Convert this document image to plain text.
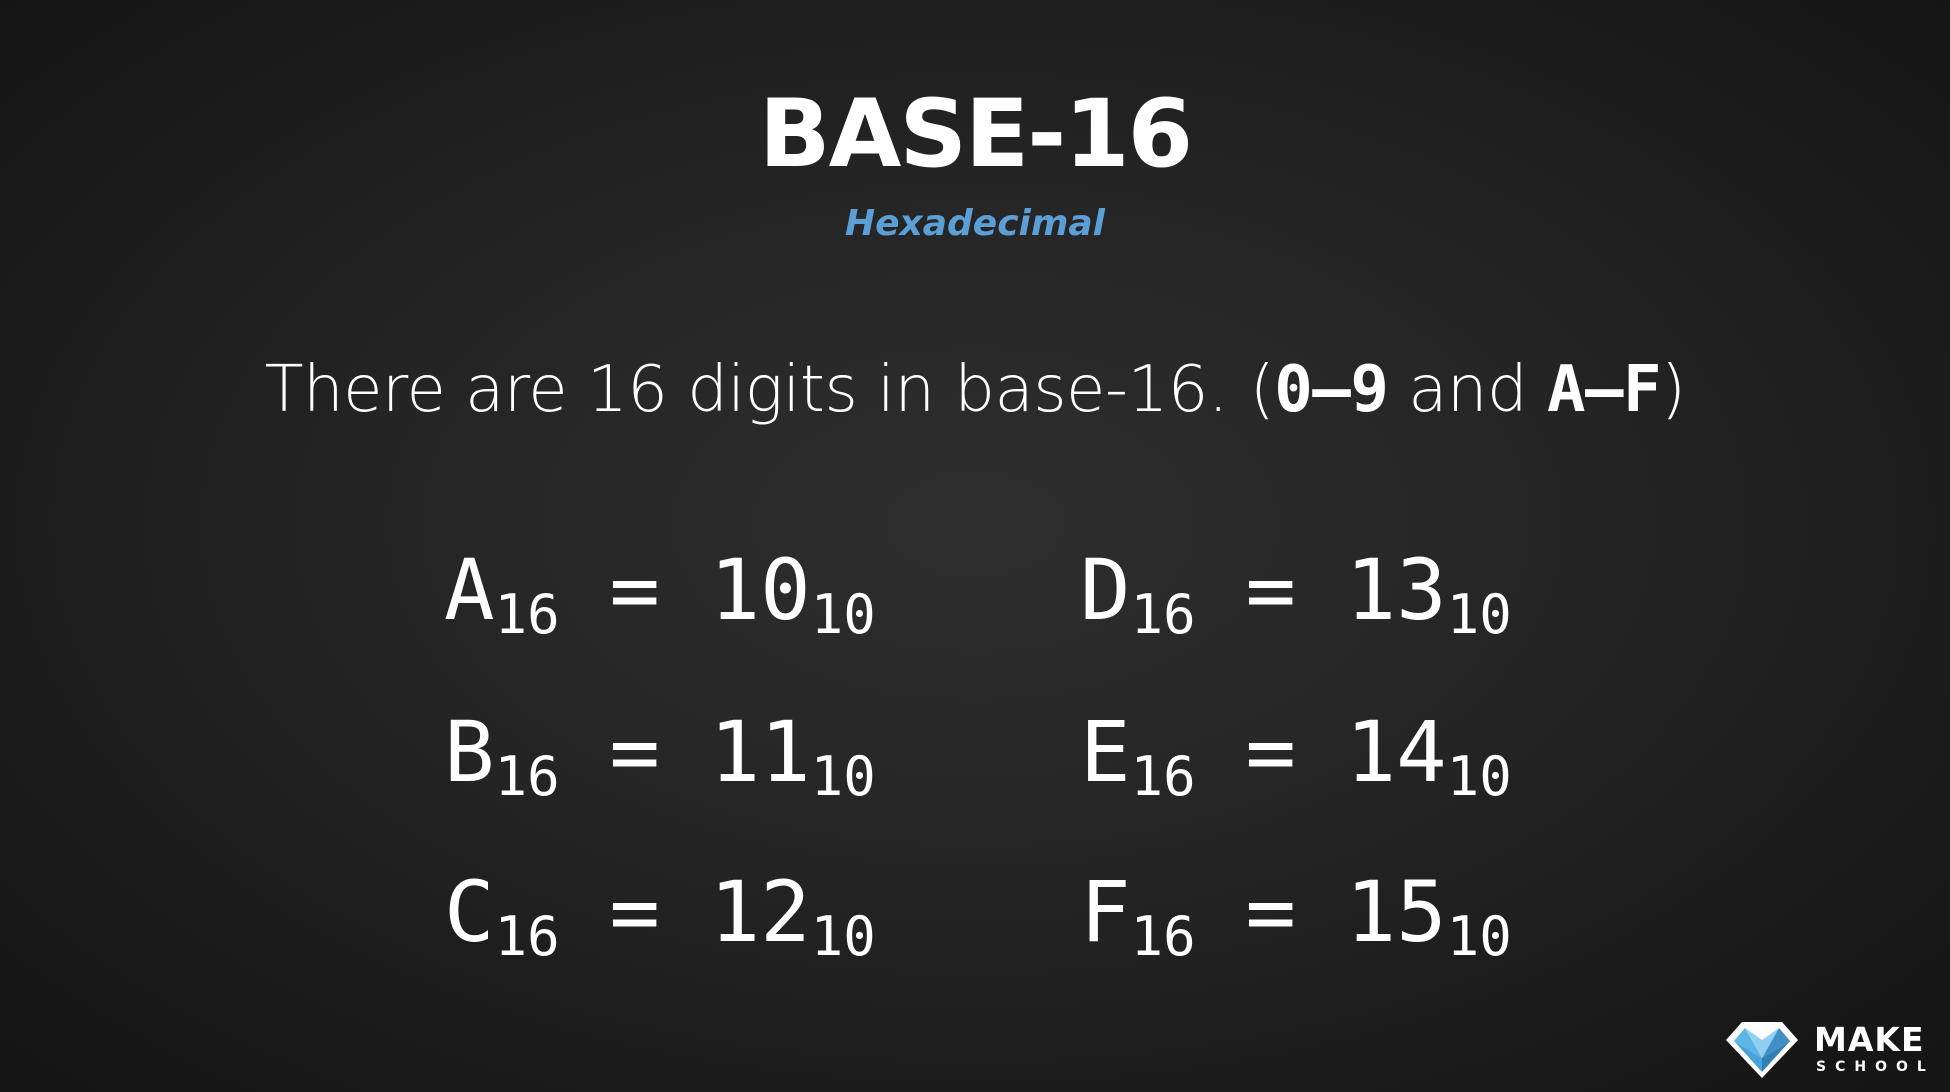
BASE-16
Hexadecimal
There are 16 digits in base-16. (0–9 and A–F)
A16 = 1010
B16 = 1110
C16 = 1210
D16 = 1310
E16 = 1410
F16 = 1510
MAKE
SCHOOL
